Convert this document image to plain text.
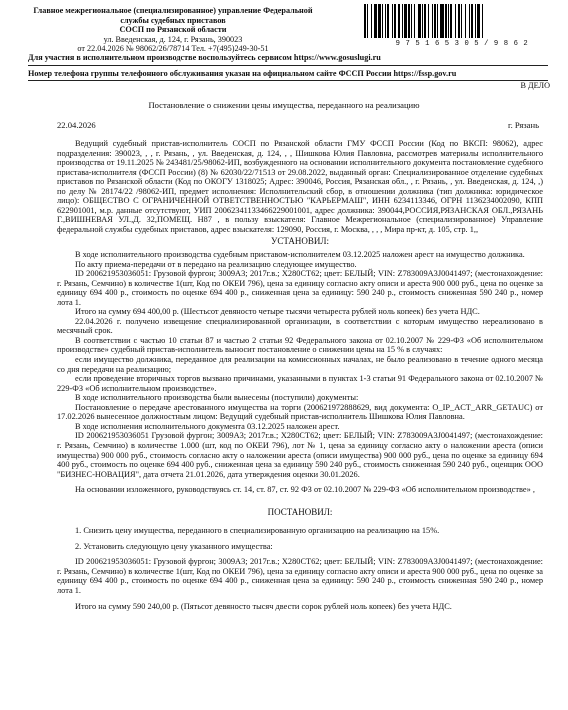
Главное межрегиональное (специализированное) управление Федеральной
службы судебных приставов
СОСП по Рязанской области
ул. Введенская, д. 124, г. Рязань, 390023
от 22.04.2026 № 98062/26/78714 Тел. +7(495)249-30-51
9 7 5 1 6 5 3 0 5 / 9 8 6 2
Для участия в исполнительном производстве воспользуйтесь сервисом https://www.gosuslugi.ru
Номер телефона группы телефонного обслуживания указан на официальном сайте ФССП России https://fssp.gov.ru
В ДЕЛО
Постановление о снижении цены имущества, переданного на реализацию
22.04.2026	г. Рязань

Ведущий судебный пристав-исполнитель СОСП по Рязанской области ГМУ ФССП России (Код по ВКСП: 98062), адрес подразделения: 390023, , , г. Рязань, , ул. Введенская, д. 124, , , Шишкова Юлия Павловна, рассмотрев материалы исполнительного производства от 19.11.2025 № 243481/25/98062-ИП, возбужденного на основании исполнительного документа постановление судебного пристава-исполнителя (ФССП России) (8) № 62030/22/71513 от 29.08.2022, выданный орган: Специализированное отделение судебных приставов по Рязанской области (Код по ОКОГУ 1318025; Адрес: 390046, Россия, Рязанская обл., , г. Рязань, , ул. Введенская, д. 124, ,) по делу № 28174/22 /98062-ИП, предмет исполнения: Исполнительский сбор, в отношении должника (тип должника: юридическое лицо): ОБЩЕСТВО С ОГРАНИЧЕННОЙ ОТВЕТСТВЕННОСТЬЮ "КАРЬЕРМАШ", ИНН 6234113346, ОГРН 1136234002090, КПП 622901001, м.р. данные отсутствуют, УИП 20062341133466229001001, адрес должника: 390044,РОССИЯ,РЯЗАНСКАЯ ОБЛ.,РЯЗАНЬ Г.,ВИШНЕВАЯ УЛ.,Д. 32,ПОМЕЩ. Н87 , в пользу взыскателя: Главное Межрегиональное (специализированное) Управление федеральной службы судебных приставов, адрес взыскателя: 129090, Россия, г. Москва, , , , Мира пр-кт, д. 105, стр. 1,,

УСТАНОВИЛ:

В ходе исполнительного производства судебным приставом-исполнителем 03.12.2025 наложен арест на имущество должника.

По акту приема-передачи от в передано на реализацию следующее имущество.

ID 200621953036051: Грузовой фургон; 3009А3; 2017г.в.; Х280СТ62; цвет: БЕЛЫЙ; VIN: Z783009A3J0041497; (местонахождение: г. Рязань, Семчино) в количестве 1(шт, Код по ОКЕИ 796), цена за единицу согласно акту описи и ареста 900 000 руб., цена по оценке за единицу 694 400 р., стоимость по оценке 694 400 р., сниженная цена за единицу: 590 240 р., стоимость сниженная 590 240 р., номер лота 1.

Итого на сумму 694 400,00 р. (Шестьсот девяносто четыре тысячи четыреста рублей ноль копеек) без учета НДС.

22.04.2026 г. получено извещение специализированной организации, в соответствии с которым имущество нереализовано в месячный срок.

В соответствии с частью 10 статьи 87 и частью 2 статьи 92 Федерального закона от 02.10.2007 № 229-ФЗ «Об исполнительном производстве» судебный пристав-исполнитель выносит постановление о снижении цены на 15 % в случаях:

если имущество должника, переданное для реализации на комиссионных началах, не было реализовано в течение одного месяца со дня передачи на реализацию;

если проведение вторичных торгов вызвано причинами, указанными в пунктах 1-3 статьи 91 Федерального закона от 02.10.2007 № 229-ФЗ «Об исполнительном производстве».

В ходе исполнительного производства были вынесены (поступили) документы:

Постановление о передаче арестованного имущества на торги (200621972888629, вид документа: O_IP_ACT_ARR_GETAUC) от 17.02.2026 вынесенное должностным лицом: Ведущий судебный пристав-исполнитель Шишкова Юлия Павловна.

В ходе исполнения исполнительного документа 03.12.2025 наложен арест.

ID 200621953036051 Грузовой фургон; 3009A3; 2017г.в.; Х280СТ62; цвет: БЕЛЫЙ; VIN: Z783009A3J0041497; (местонахождение: г. Рязань, Семчино) в количестве 1.000 (шт, код по ОКЕИ 796), лот № 1, цена за единицу согласно акту о наложении ареста (описи имущества) 900 000 руб., стоимость согласно акту о наложении ареста (описи имущества) 900 000 руб., цена по оценке за единицу 694 400 руб., стоимость по оценке 694 400 руб., сниженная цена за единицу 590 240 руб., стоимость сниженная 590 240 руб., оценщик ООО "БИЗНЕС-НОВАЦИЯ", дата отчета 21.01.2026, дата утверждения оценки 30.01.2026.

На основании изложенного, руководствуясь ст. 14, ст. 87, ст. 92 ФЗ от 02.10.2007 № 229-ФЗ «Об исполнительном производстве» ,

ПОСТАНОВИЛ:

1. Снизить цену имущества, переданного в специализированную организацию на реализацию на 15%.

2. Установить следующую цену указанного имущества:

ID 200621953036051: Грузовой фургон; 3009А3; 2017г.в.; Х280СТ62; цвет: БЕЛЫЙ; VIN: Z783009A3J0041497; (местонахождение: г. Рязань, Семчино) в количестве 1(шт, Код по ОКЕИ 796), цена за единицу согласно акту описи и ареста 900 000 руб., цена по оценке за единицу 694 400 р., стоимость по оценке 694 400 р., сниженная цена за единицу: 590 240 р., стоимость сниженная 590 240 р., номер лота 1.

Итого на сумму 590 240,00 р. (Пятьсот девяносто тысяч двести сорок рублей ноль копеек) без учета НДС.
